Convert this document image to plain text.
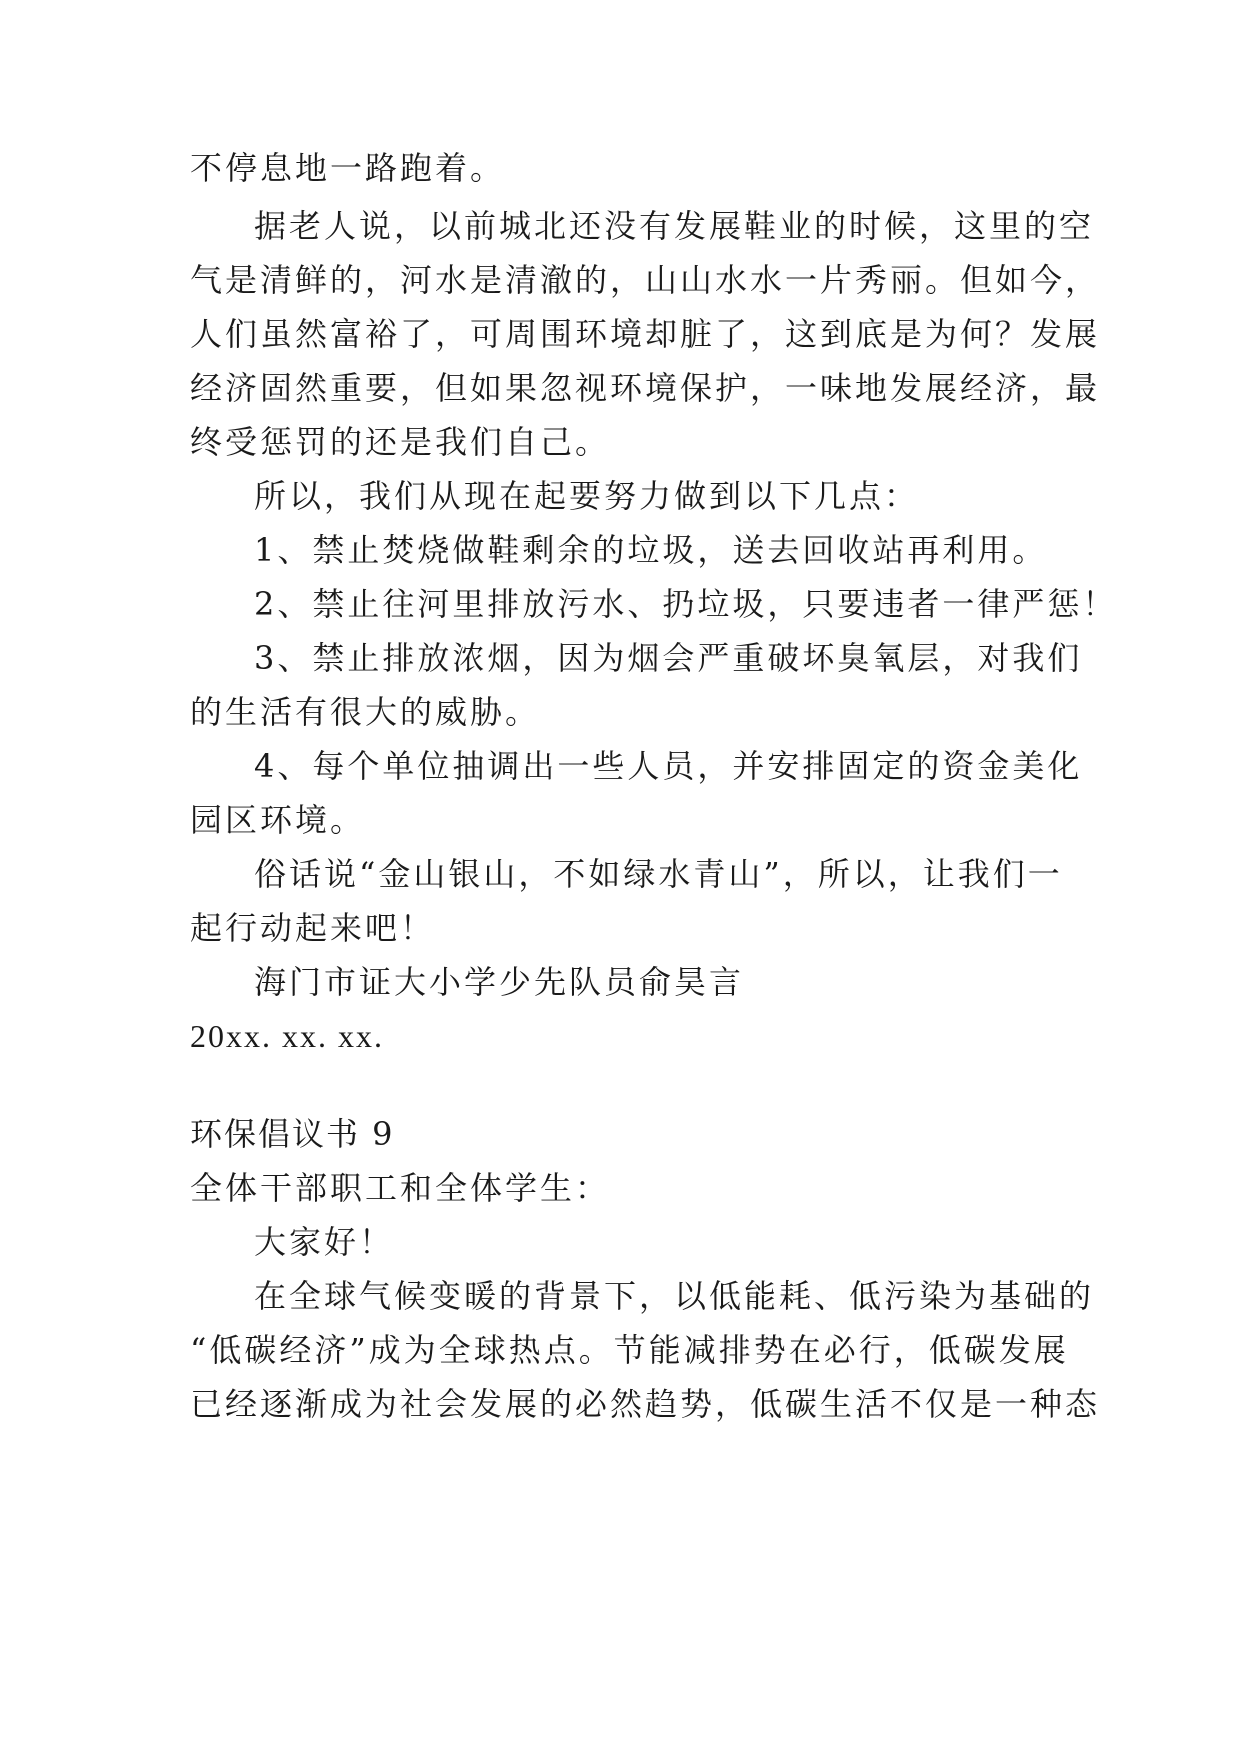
不停息地一路跑着。
据老人说，以前城北还没有发展鞋业的时候，这里的空
气是清鲜的，河水是清澈的，山山水水一片秀丽。但如今，
人们虽然富裕了，可周围环境却脏了，这到底是为何？发展
经济固然重要，但如果忽视环境保护，一味地发展经济，最
终受惩罚的还是我们自己。
所以，我们从现在起要努力做到以下几点：
1、禁止焚烧做鞋剩余的垃圾，送去回收站再利用。
2、禁止往河里排放污水、扔垃圾，只要违者一律严惩！
3、禁止排放浓烟，因为烟会严重破坏臭氧层，对我们
的生活有很大的威胁。
4、每个单位抽调出一些人员，并安排固定的资金美化
园区环境。
俗话说“金山银山，不如绿水青山”，所以，让我们一
起行动起来吧！
海门市证大小学少先队员俞昊言
20xx. xx. xx.
环保倡议书 9
全体干部职工和全体学生：
大家好！
在全球气候变暖的背景下，以低能耗、低污染为基础的
“低碳经济”成为全球热点。节能减排势在必行，低碳发展
已经逐渐成为社会发展的必然趋势，低碳生活不仅是一种态
